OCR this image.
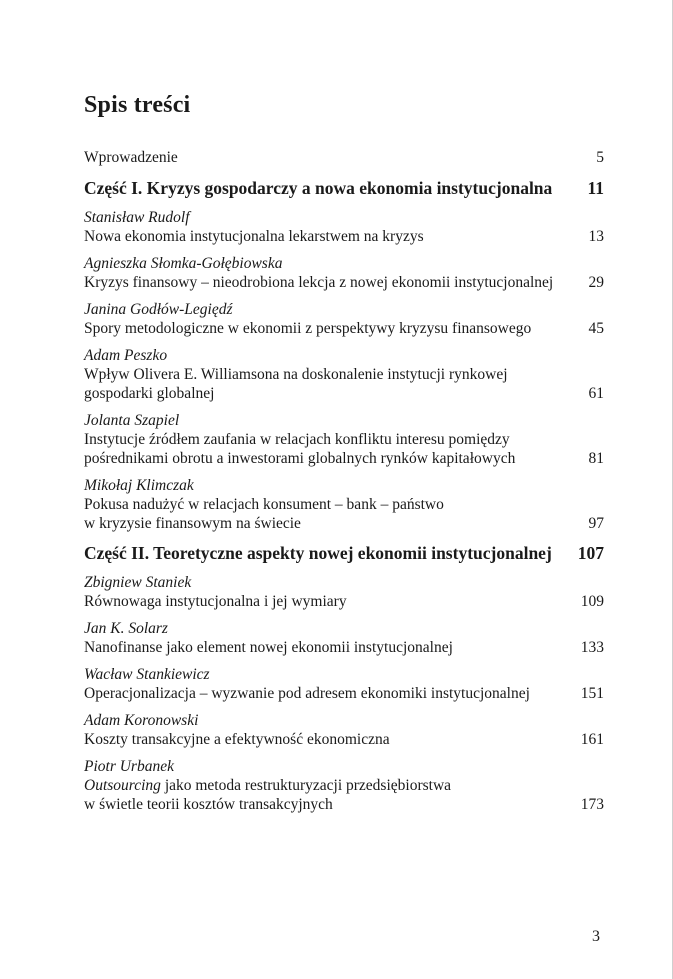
Spis treści
Wprowadzenie	5
Część I. Kryzys gospodarczy a nowa ekonomia instytucjonalna	11
Stanisław Rudolf
Nowa ekonomia instytucjonalna lekarstwem na kryzys	13
Agnieszka Słomka-Gołębiowska
Kryzys finansowy – nieodrobiona lekcja z nowej ekonomii instytucjonalnej	29
Janina Godłów-Legiędź
Spory metodologiczne w ekonomii z perspektywy kryzysu finansowego	45
Adam Peszko
Wpływ Olivera E. Williamsona na doskonalenie instytucji rynkowej
gospodarki globalnej	61
Jolanta Szapiel
Instytucje źródłem zaufania w relacjach konfliktu interesu pomiędzy
pośrednikami obrotu a inwestorami globalnych rynków kapitałowych	81
Mikołaj Klimczak
Pokusa nadużyć w relacjach konsument – bank – państwo
w kryzysie finansowym na świecie	97
Część II. Teoretyczne aspekty nowej ekonomii instytucjonalnej	107
Zbigniew Staniek
Równowaga instytucjonalna i jej wymiary	109
Jan K. Solarz
Nanofinanse jako element nowej ekonomii instytucjonalnej	133
Wacław Stankiewicz
Operacjonalizacja – wyzwanie pod adresem ekonomiki instytucjonalnej	151
Adam Koronowski
Koszty transakcyjne a efektywność ekonomiczna	161
Piotr Urbanek
Outsourcing jako metoda restrukturyzacji przedsiębiorstwa
w świetle teorii kosztów transakcyjnych	173
3
